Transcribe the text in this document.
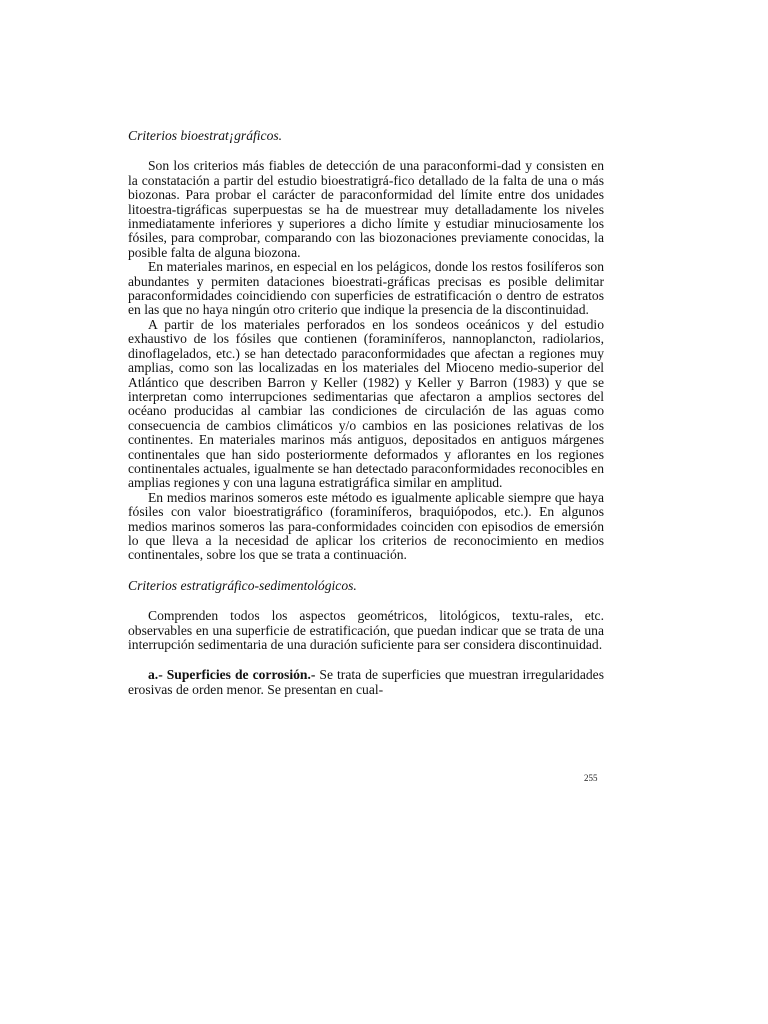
Criterios bioestrat¡gráficos.

Son los criterios más fiables de detección de una paraconformi-dad y consisten en la constatación a partir del estudio bioestratigrá-fico detallado de la falta de una o más biozonas. Para probar el carácter de paraconformidad del límite entre dos unidades litoestra-tigráficas superpuestas se ha de muestrear muy detalladamente los niveles inmediatamente inferiores y superiores a dicho límite y estudiar minuciosamente los fósiles, para comprobar, comparando con las biozonaciones previamente conocidas, la posible falta de alguna biozona.

En materiales marinos, en especial en los pelágicos, donde los restos fosilíferos son abundantes y permiten dataciones bioestrati-gráficas precisas es posible delimitar paraconformidades coincidiendo con superficies de estratificación o dentro de estratos en las que no haya ningún otro criterio que indique la presencia de la discontinuidad.

A partir de los materiales perforados en los sondeos oceánicos y del estudio exhaustivo de los fósiles que contienen (foraminíferos, nannoplancton, radiolarios, dinoflagelados, etc.) se han detectado paraconformidades que afectan a regiones muy amplias, como son las localizadas en los materiales del Mioceno medio-superior del Atlántico que describen Barron y Keller (1982) y Keller y Barron (1983) y que se interpretan como interrupciones sedimentarias que afectaron a amplios sectores del océano producidas al cambiar las condiciones de circulación de las aguas como consecuencia de cambios climáticos y/o cambios en las posiciones relativas de los continentes. En materiales marinos más antiguos, depositados en antiguos márgenes continentales que han sido posteriormente deformados y aflorantes en los regiones continentales actuales, igualmente se han detectado paraconformidades reconocibles en amplias regiones y con una laguna estratigráfica similar en amplitud.

En medios marinos someros este método es igualmente aplicable siempre que haya fósiles con valor bioestratigráfico (foraminíferos, braquiópodos, etc.). En algunos medios marinos someros las para-conformidades coinciden con episodios de emersión lo que lleva a la necesidad de aplicar los criterios de reconocimiento en medios continentales, sobre los que se trata a continuación.

Criterios estratigráfico-sedimentológicos.

Comprenden todos los aspectos geométricos, litológicos, textu-rales, etc. observables en una superficie de estratificación, que puedan indicar que se trata de una interrupción sedimentaria de una duración suficiente para ser considera discontinuidad.

a.- Superficies de corrosión.- Se trata de superficies que muestran irregularidades erosivas de orden menor. Se presentan en cual-

255
